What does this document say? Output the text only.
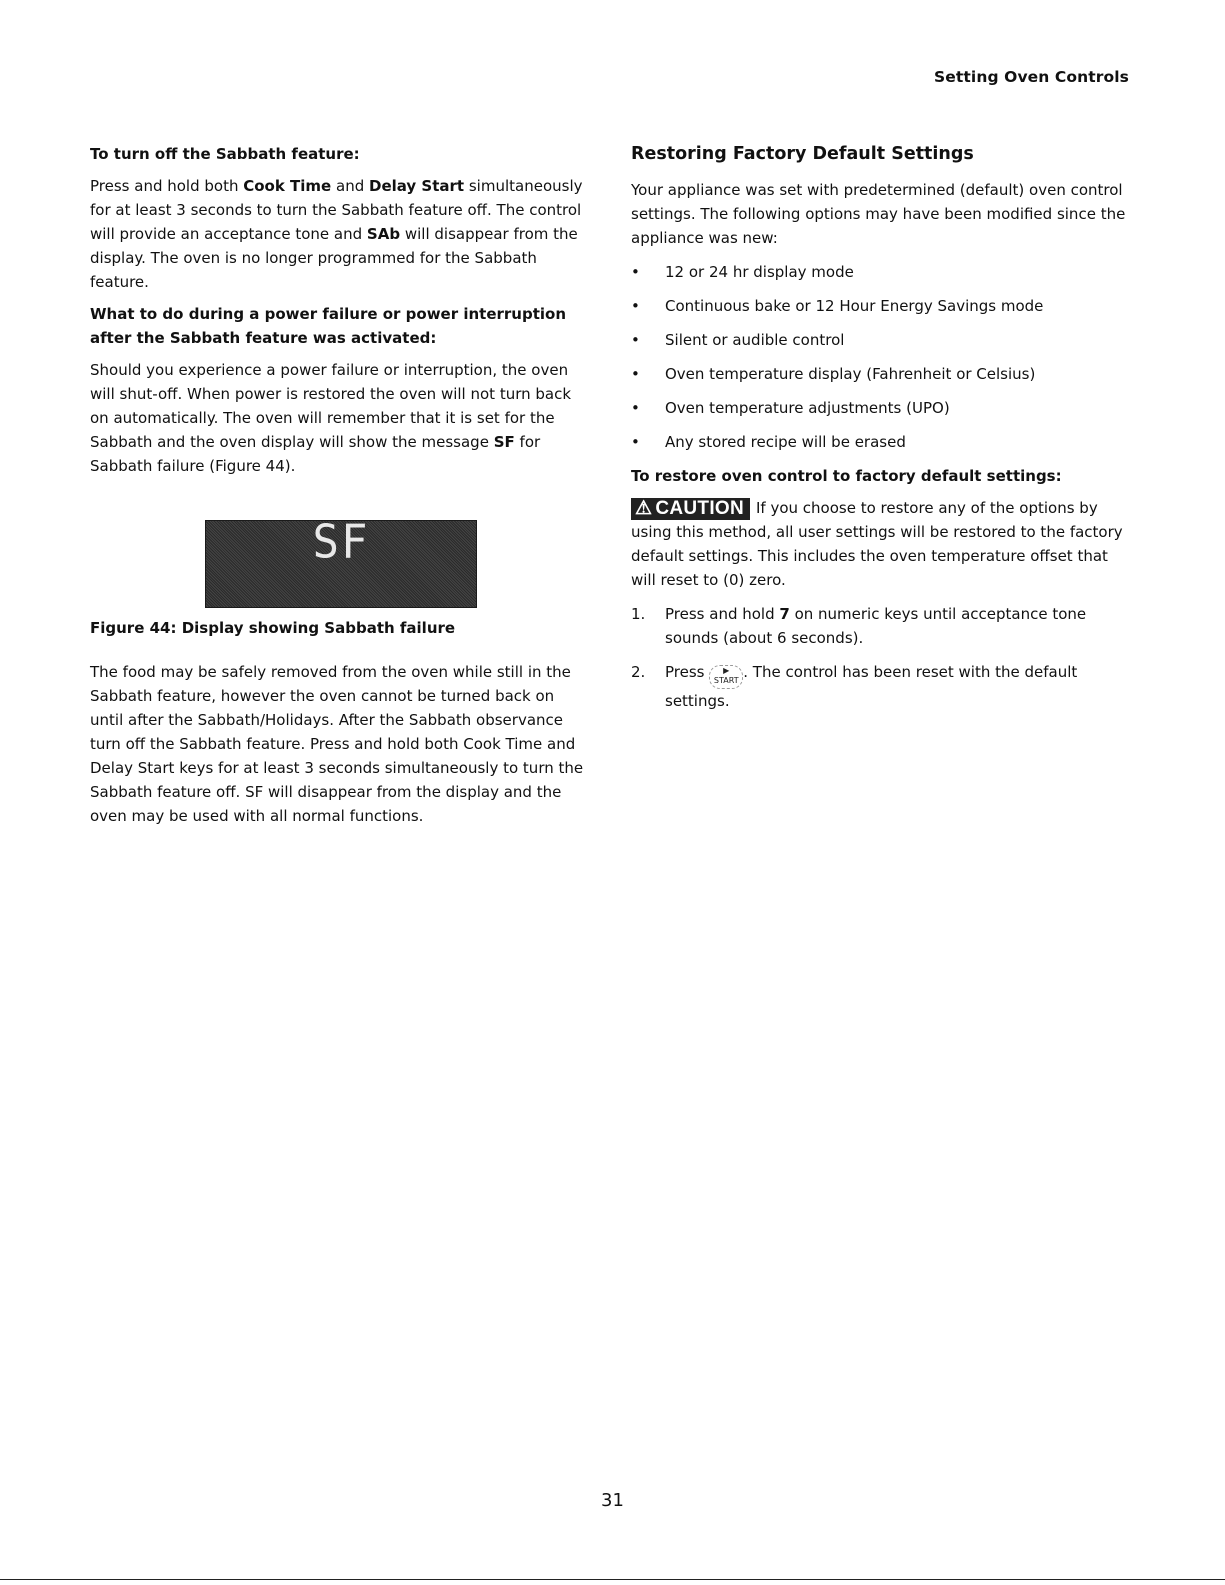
Setting Oven Controls

To turn off the Sabbath feature:

Press and hold both Cook Time and Delay Start simultaneously for at least 3 seconds to turn the Sabbath feature off. The control will provide an acceptance tone and SAb will disappear from the display. The oven is no longer programmed for the Sabbath feature.

What to do during a power failure or power interruption after the Sabbath feature was activated:

Should you experience a power failure or interruption, the oven will shut-off. When power is restored the oven will not turn back on automatically. The oven will remember that it is set for the Sabbath and the oven display will show the message SF for Sabbath failure (Figure 44).

SF
Figure 44: Display showing Sabbath failure

The food may be safely removed from the oven while still in the Sabbath feature, however the oven cannot be turned back on until after the Sabbath/Holidays. After the Sabbath observance turn off the Sabbath feature. Press and hold both Cook Time and Delay Start keys for at least 3 seconds simultaneously to turn the Sabbath feature off. SF will disappear from the display and the oven may be used with all normal functions.

Restoring Factory Default Settings

Your appliance was set with predetermined (default) oven control settings. The following options may have been modified since the appliance was new:

• 12 or 24 hr display mode
• Continuous bake or 12 Hour Energy Savings mode
• Silent or audible control
• Oven temperature display (Fahrenheit or Celsius)
• Oven temperature adjustments (UPO)
• Any stored recipe will be erased

To restore oven control to factory default settings:

⚠ CAUTION If you choose to restore any of the options by using this method, all user settings will be restored to the factory default settings. This includes the oven temperature offset that will reset to (0) zero.

1. Press and hold 7 on numeric keys until acceptance tone sounds (about 6 seconds).
2. Press	▶
START . The control has been reset with the default settings.
31
